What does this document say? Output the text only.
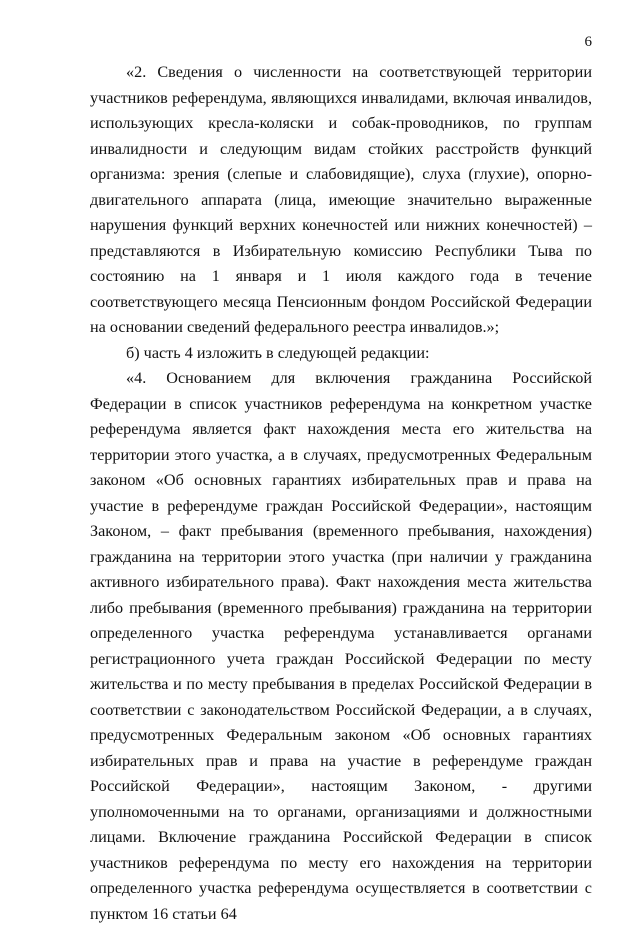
6

«2. Сведения о численности на соответствующей территории участников референдума, являющихся инвалидами, включая инвалидов, использующих кресла-коляски и собак-проводников, по группам инвалидности и следующим видам стойких расстройств функций организма: зрения (слепые и слабовидящие), слуха (глухие), опорно-двигательного аппарата (лица, имеющие значительно выраженные нарушения функций верхних конечностей или нижних конечностей) – представляются в Избирательную комиссию Республики Тыва по состоянию на 1 января и 1 июля каждого года в течение соответствующего месяца Пенсионным фондом Российской Федерации на основании сведений федерального реестра инвалидов.»;

б) часть 4 изложить в следующей редакции:

«4. Основанием для включения гражданина Российской Федерации в список участников референдума на конкретном участке референдума является факт нахождения места его жительства на территории этого участка, а в случаях, предусмотренных Федеральным законом «Об основных гарантиях избирательных прав и права на участие в референдуме граждан Российской Федерации», настоящим Законом, – факт пребывания (временного пребывания, нахождения) гражданина на территории этого участка (при наличии у гражданина активного избирательного права). Факт нахождения места жительства либо пребывания (временного пребывания) гражданина на территории определенного участка референдума устанавливается органами регистрационного учета граждан Российской Федерации по месту жительства и по месту пребывания в пределах Российской Федерации в соответствии с законодательством Российской Федерации, а в случаях, предусмотренных Федеральным законом «Об основных гарантиях избирательных прав и права на участие в референдуме граждан Российской Федерации», настоящим Законом, - другими уполномоченными на то органами, организациями и должностными лицами. Включение гражданина Российской Федерации в список участников референдума по месту его нахождения на территории определенного участка референдума осуществляется в соответствии с пунктом 16 статьи 64
